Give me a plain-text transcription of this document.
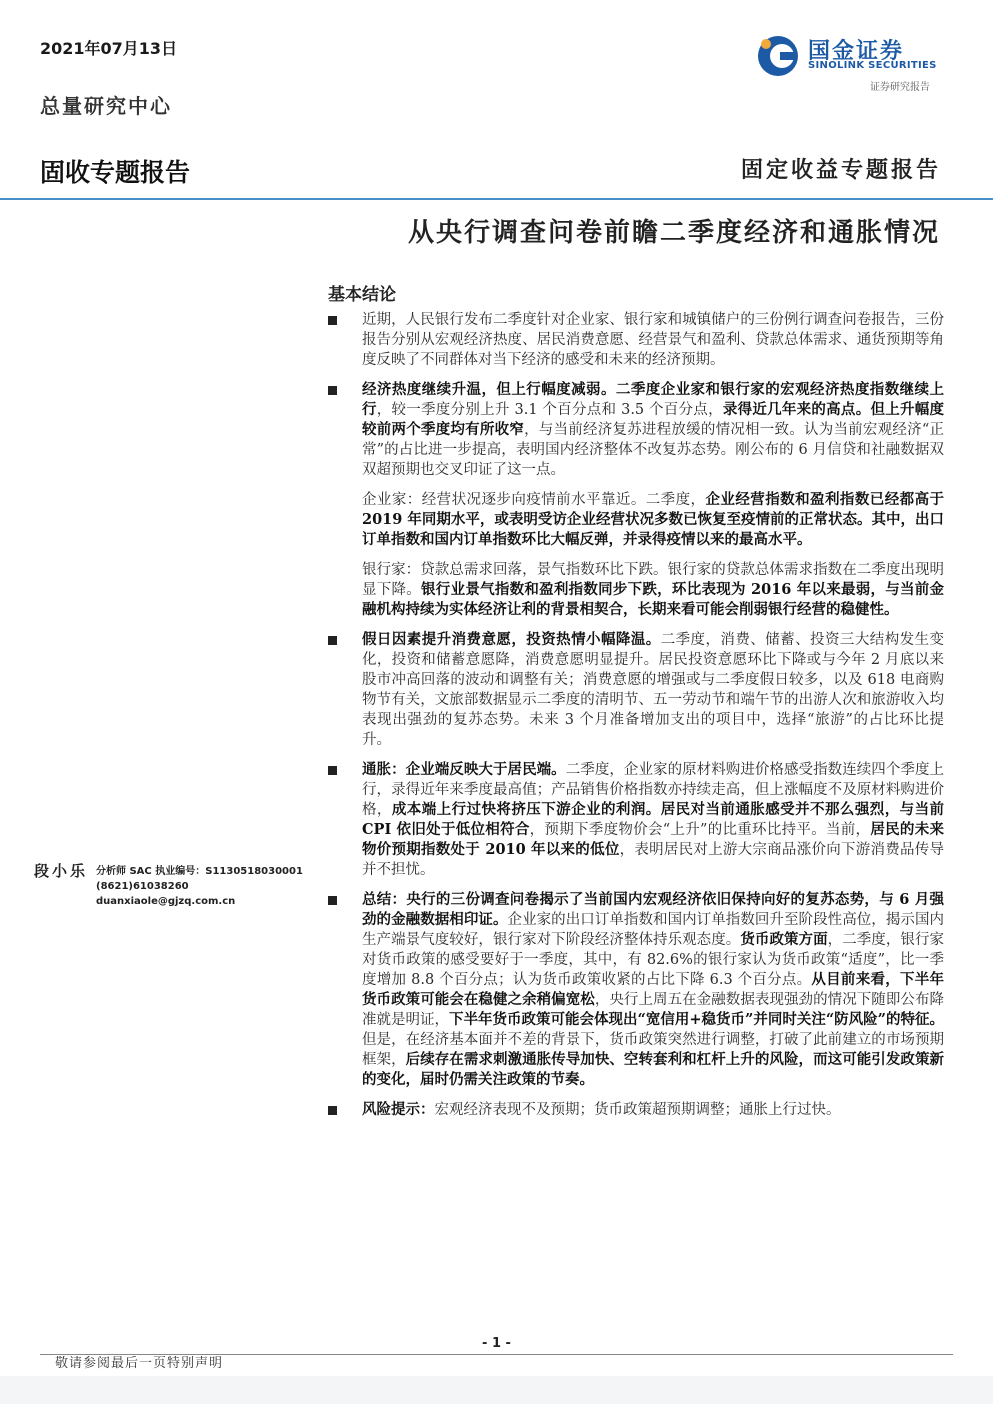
2021年07月13日
总量研究中心
国金证券
SINOLINK SECURITIES
证券研究报告
固收专题报告	固定收益专题报告
从央行调查问卷前瞻二季度经济和通胀情况
基本结论

近期，人民银行发布二季度针对企业家、银行家和城镇储户的三份例行调查问卷报告，三份报告分别从宏观经济热度、居民消费意愿、经营景气和盈利、贷款总体需求、通货预期等角度反映了不同群体对当下经济的感受和未来的经济预期。

经济热度继续升温，但上行幅度减弱。二季度企业家和银行家的宏观经济热度指数继续上行，较一季度分别上升 3.1 个百分点和 3.5 个百分点，录得近几年来的高点。但上升幅度较前两个季度均有所收窄，与当前经济复苏进程放缓的情况相一致。认为当前宏观经济“正常”的占比进一步提高，表明国内经济整体不改复苏态势。刚公布的 6 月信贷和社融数据双双超预期也交叉印证了这一点。

企业家：经营状况逐步向疫情前水平靠近。二季度，企业经营指数和盈利指数已经都高于 2019 年同期水平，或表明受访企业经营状况多数已恢复至疫情前的正常状态。其中，出口订单指数和国内订单指数环比大幅反弹，并录得疫情以来的最高水平。

银行家：贷款总需求回落，景气指数环比下跌。银行家的贷款总体需求指数在二季度出现明显下降。银行业景气指数和盈利指数同步下跌，环比表现为 2016 年以来最弱，与当前金融机构持续为实体经济让利的背景相契合，长期来看可能会削弱银行经营的稳健性。

假日因素提升消费意愿，投资热情小幅降温。二季度，消费、储蓄、投资三大结构发生变化，投资和储蓄意愿降，消费意愿明显提升。居民投资意愿环比下降或与今年 2 月底以来股市冲高回落的波动和调整有关；消费意愿的增强或与二季度假日较多，以及 618 电商购物节有关，文旅部数据显示二季度的清明节、五一劳动节和端午节的出游人次和旅游收入均表现出强劲的复苏态势。未来 3 个月准备增加支出的项目中，选择“旅游”的占比环比提升。

通胀：企业端反映大于居民端。二季度，企业家的原材料购进价格感受指数连续四个季度上行，录得近年来季度最高值；产品销售价格指数亦持续走高，但上涨幅度不及原材料购进价格，成本端上行过快将挤压下游企业的利润。居民对当前通胀感受并不那么强烈，与当前 CPI 依旧处于低位相符合，预期下季度物价会“上升”的比重环比持平。当前，居民的未来物价预期指数处于 2010 年以来的低位，表明居民对上游大宗商品涨价向下游消费品传导并不担忧。

总结：央行的三份调查问卷揭示了当前国内宏观经济依旧保持向好的复苏态势，与 6 月强劲的金融数据相印证。企业家的出口订单指数和国内订单指数回升至阶段性高位，揭示国内生产端景气度较好，银行家对下阶段经济整体持乐观态度。货币政策方面，二季度，银行家对货币政策的感受要好于一季度，其中，有 82.6%的银行家认为货币政策“适度”，比一季度增加 8.8 个百分点；认为货币政策收紧的占比下降 6.3 个百分点。从目前来看，下半年货币政策可能会在稳健之余稍偏宽松，央行上周五在金融数据表现强劲的情况下随即公布降准就是明证，下半年货币政策可能会体现出“宽信用+稳货币”并同时关注“防风险”的特征。但是，在经济基本面并不差的背景下，货币政策突然进行调整，打破了此前建立的市场预期框架，后续存在需求刺激通胀传导加快、空转套利和杠杆上升的风险，而这可能引发政策新的变化，届时仍需关注政策的节奏。

风险提示：宏观经济表现不及预期；货币政策超预期调整；通胀上行过快。

段小乐 分析师 SAC 执业编号：S1130518030001
(8621)61038260
duanxiaole@gjzq.com.cn
- 1 -
敬请参阅最后一页特别声明
